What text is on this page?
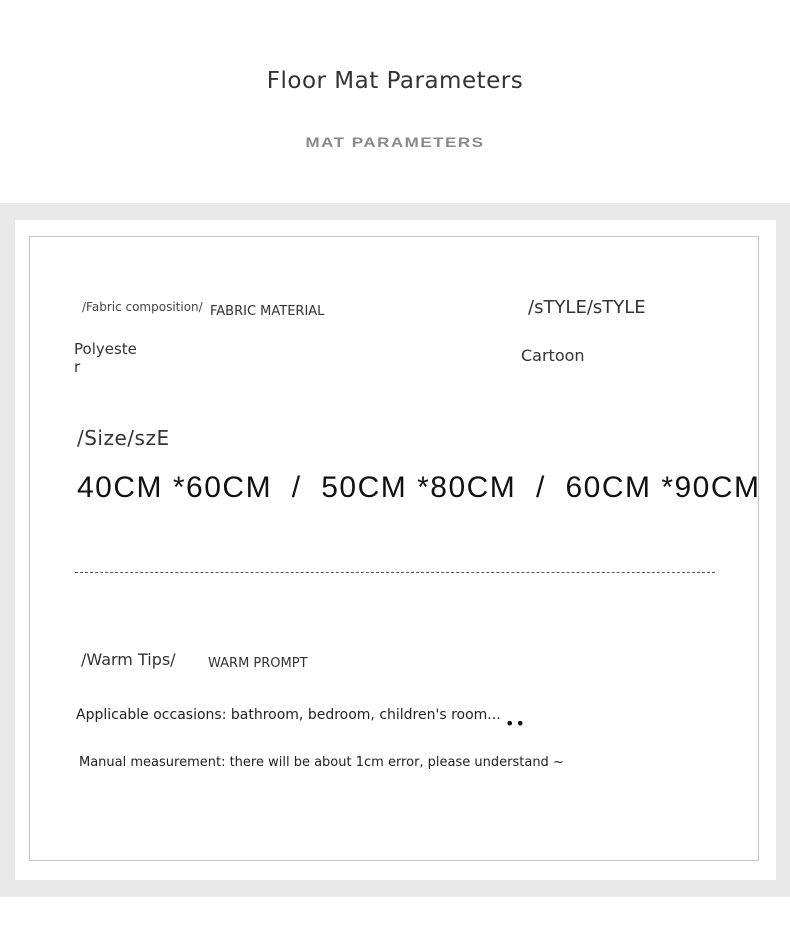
Floor Mat Parameters
MAT PARAMETERS
/Fabric composition/ FABRIC MATERIAL
Polyeste
r
/sTYLE/sTYLE
Cartoon
/Size/szE
40CM *60CM  /  50CM *80CM  /  60CM *90CM
/Warm Tips/ WARM PROMPT
Applicable occasions: bathroom, bedroom, children's room... ••
Manual measurement: there will be about 1cm error, please understand ~
